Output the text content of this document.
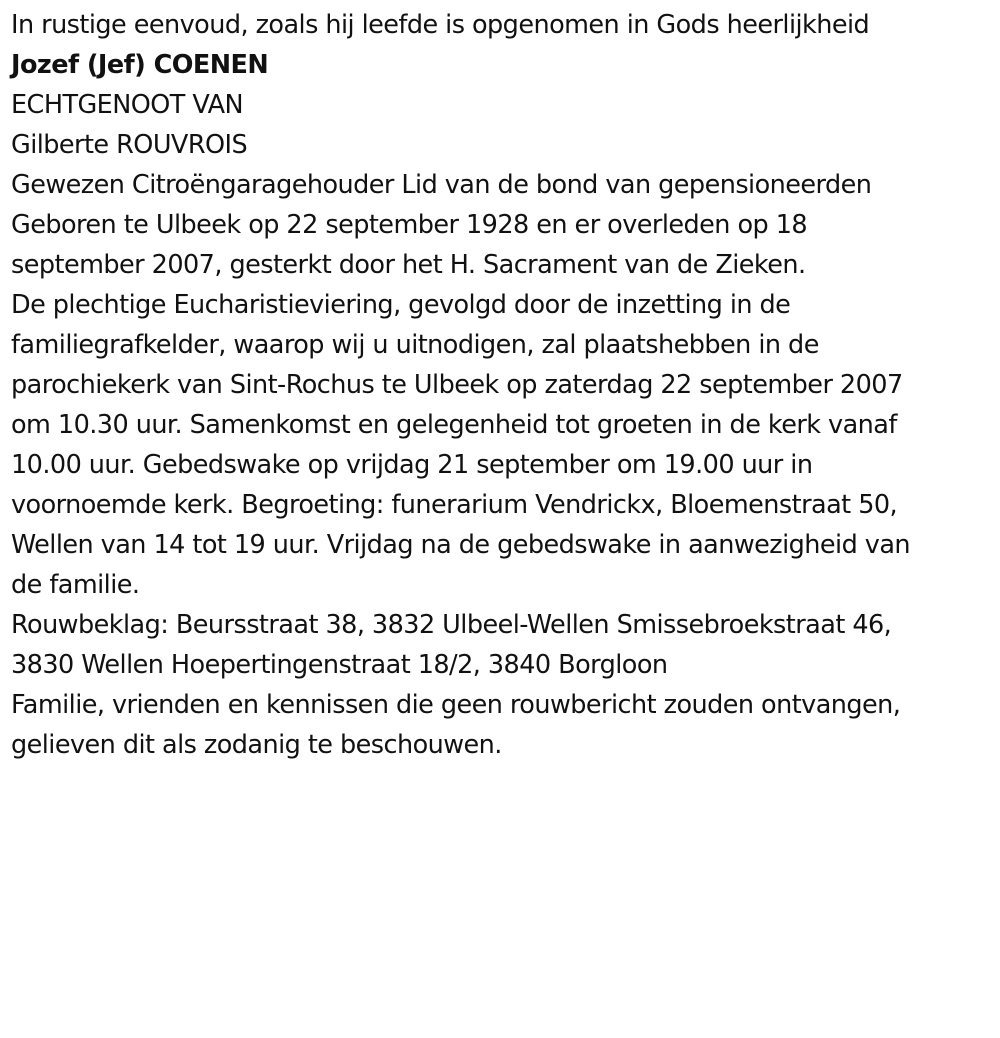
In rustige eenvoud, zoals hij leefde is opgenomen in Gods heerlijkheid

Jozef (Jef) COENEN

ECHTGENOOT VAN

Gilberte ROUVROIS

Gewezen Citroëngaragehouder Lid van de bond van gepensioneerden

Geboren te Ulbeek op 22 september 1928 en er overleden op 18
september 2007, gesterkt door het H. Sacrament van de Zieken.

De plechtige Eucharistieviering, gevolgd door de inzetting in de
familiegrafkelder, waarop wij u uitnodigen, zal plaatshebben in de
parochiekerk van Sint-Rochus te Ulbeek op zaterdag 22 september 2007
om 10.30 uur. Samenkomst en gelegenheid tot groeten in de kerk vanaf
10.00 uur. Gebedswake op vrijdag 21 september om 19.00 uur in
voornoemde kerk. Begroeting: funerarium Vendrickx, Bloemenstraat 50,
Wellen van 14 tot 19 uur. Vrijdag na de gebedswake in aanwezigheid van
de familie.

Rouwbeklag: Beursstraat 38, 3832 Ulbeel-Wellen Smissebroekstraat 46,
3830 Wellen Hoepertingenstraat 18/2, 3840 Borgloon

Familie, vrienden en kennissen die geen rouwbericht zouden ontvangen,
gelieven dit als zodanig te beschouwen.
